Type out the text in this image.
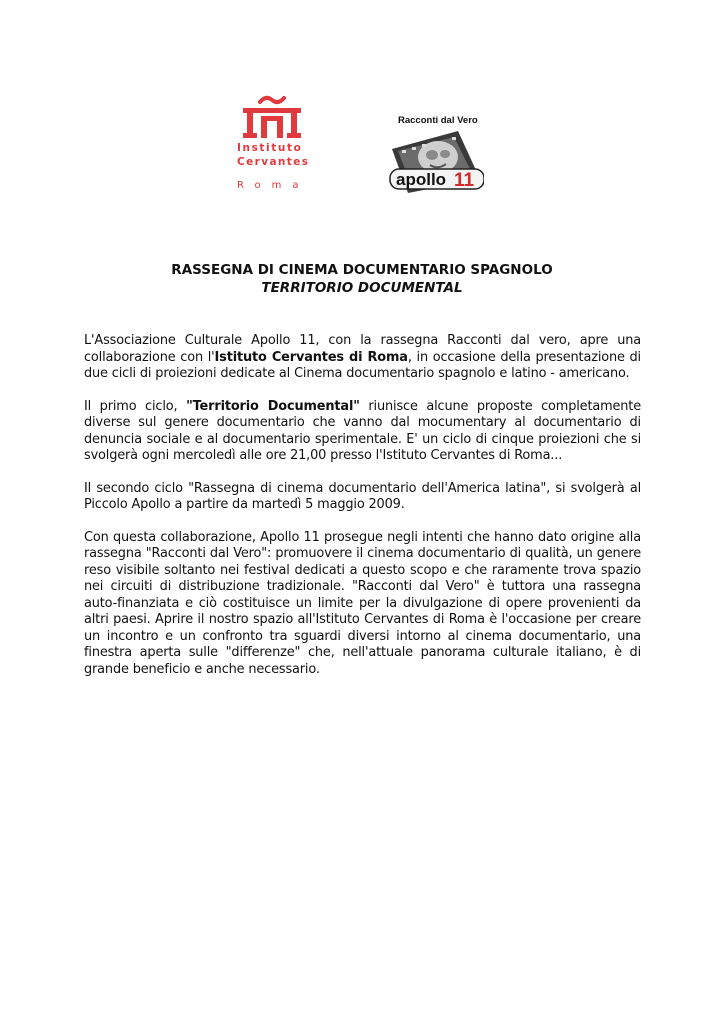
Instituto
Cervantes
Roma
Racconti dal Vero
apollo 11
RASSEGNA DI CINEMA DOCUMENTARIO SPAGNOLO
TERRITORIO DOCUMENTAL

L'Associazione Culturale Apollo 11, con la rassegna Racconti dal vero, apre una collaborazione con l'Istituto Cervantes di Roma, in occasione della presentazione di due cicli di proiezioni dedicate al Cinema documentario spagnolo e latino - americano.

Il primo ciclo, "Territorio Documental" riunisce alcune proposte completamente diverse sul genere documentario che vanno dal mocumentary al documentario di denuncia sociale e al documentario sperimentale. E' un ciclo di cinque proiezioni che si svolgerà ogni mercoledì alle ore 21,00 presso l'Istituto Cervantes di Roma...

Il secondo ciclo "Rassegna di cinema documentario dell'America latina", si svolgerà al Piccolo Apollo a partire da martedì 5 maggio 2009.

Con questa collaborazione, Apollo 11 prosegue negli intenti che hanno dato origine alla rassegna "Racconti dal Vero": promuovere il cinema documentario di qualità, un genere reso visibile soltanto nei festival dedicati a questo scopo e che raramente trova spazio nei circuiti di distribuzione tradizionale. "Racconti dal Vero" è tuttora una rassegna auto-finanziata e ciò costituisce un limite per la divulgazione di opere provenienti da altri paesi. Aprire il nostro spazio all'Istituto Cervantes di Roma è l'occasione per creare un incontro e un confronto tra sguardi diversi intorno al cinema documentario, una finestra aperta sulle "differenze" che, nell'attuale panorama culturale italiano, è di grande beneficio e anche necessario.
